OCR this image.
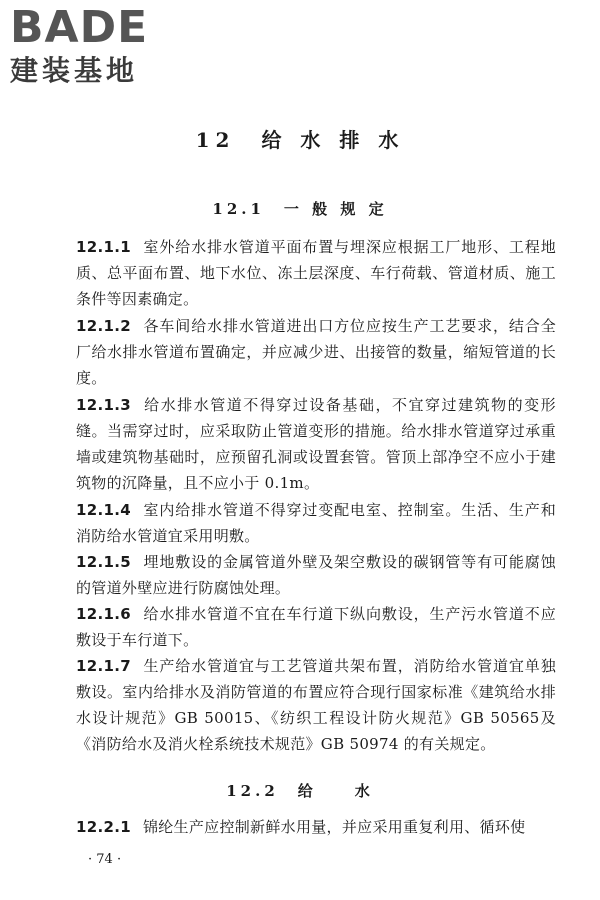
BADE
建装基地
12　给 水 排 水
12.1　一 般 规 定
12.1.1 室外给水排水管道平面布置与埋深应根据工厂地形、工程地质、总平面布置、地下水位、冻土层深度、车行荷载、管道材质、施工条件等因素确定。
12.1.2 各车间给水排水管道进出口方位应按生产工艺要求，结合全厂给水排水管道布置确定，并应减少进、出接管的数量，缩短管道的长度。
12.1.3 给水排水管道不得穿过设备基础，不宜穿过建筑物的变形缝。当需穿过时，应采取防止管道变形的措施。给水排水管道穿过承重墙或建筑物基础时，应预留孔洞或设置套管。管顶上部净空不应小于建筑物的沉降量，且不应小于 0.1m。
12.1.4 室内给排水管道不得穿过变配电室、控制室。生活、生产和消防给水管道宜采用明敷。
12.1.5 埋地敷设的金属管道外壁及架空敷设的碳钢管等有可能腐蚀的管道外壁应进行防腐蚀处理。
12.1.6 给水排水管道不宜在车行道下纵向敷设，生产污水管道不应敷设于车行道下。
12.1.7 生产给水管道宜与工艺管道共架布置，消防给水管道宜单独敷设。室内给排水及消防管道的布置应符合现行国家标准《建筑给水排水设计规范》GB 50015、《纺织工程设计防火规范》GB 50565及《消防给水及消火栓系统技术规范》GB 50974 的有关规定。
12.2　给　　水
12.2.1 锦纶生产应控制新鲜水用量，并应采用重复利用、循环使
· 74 ·
